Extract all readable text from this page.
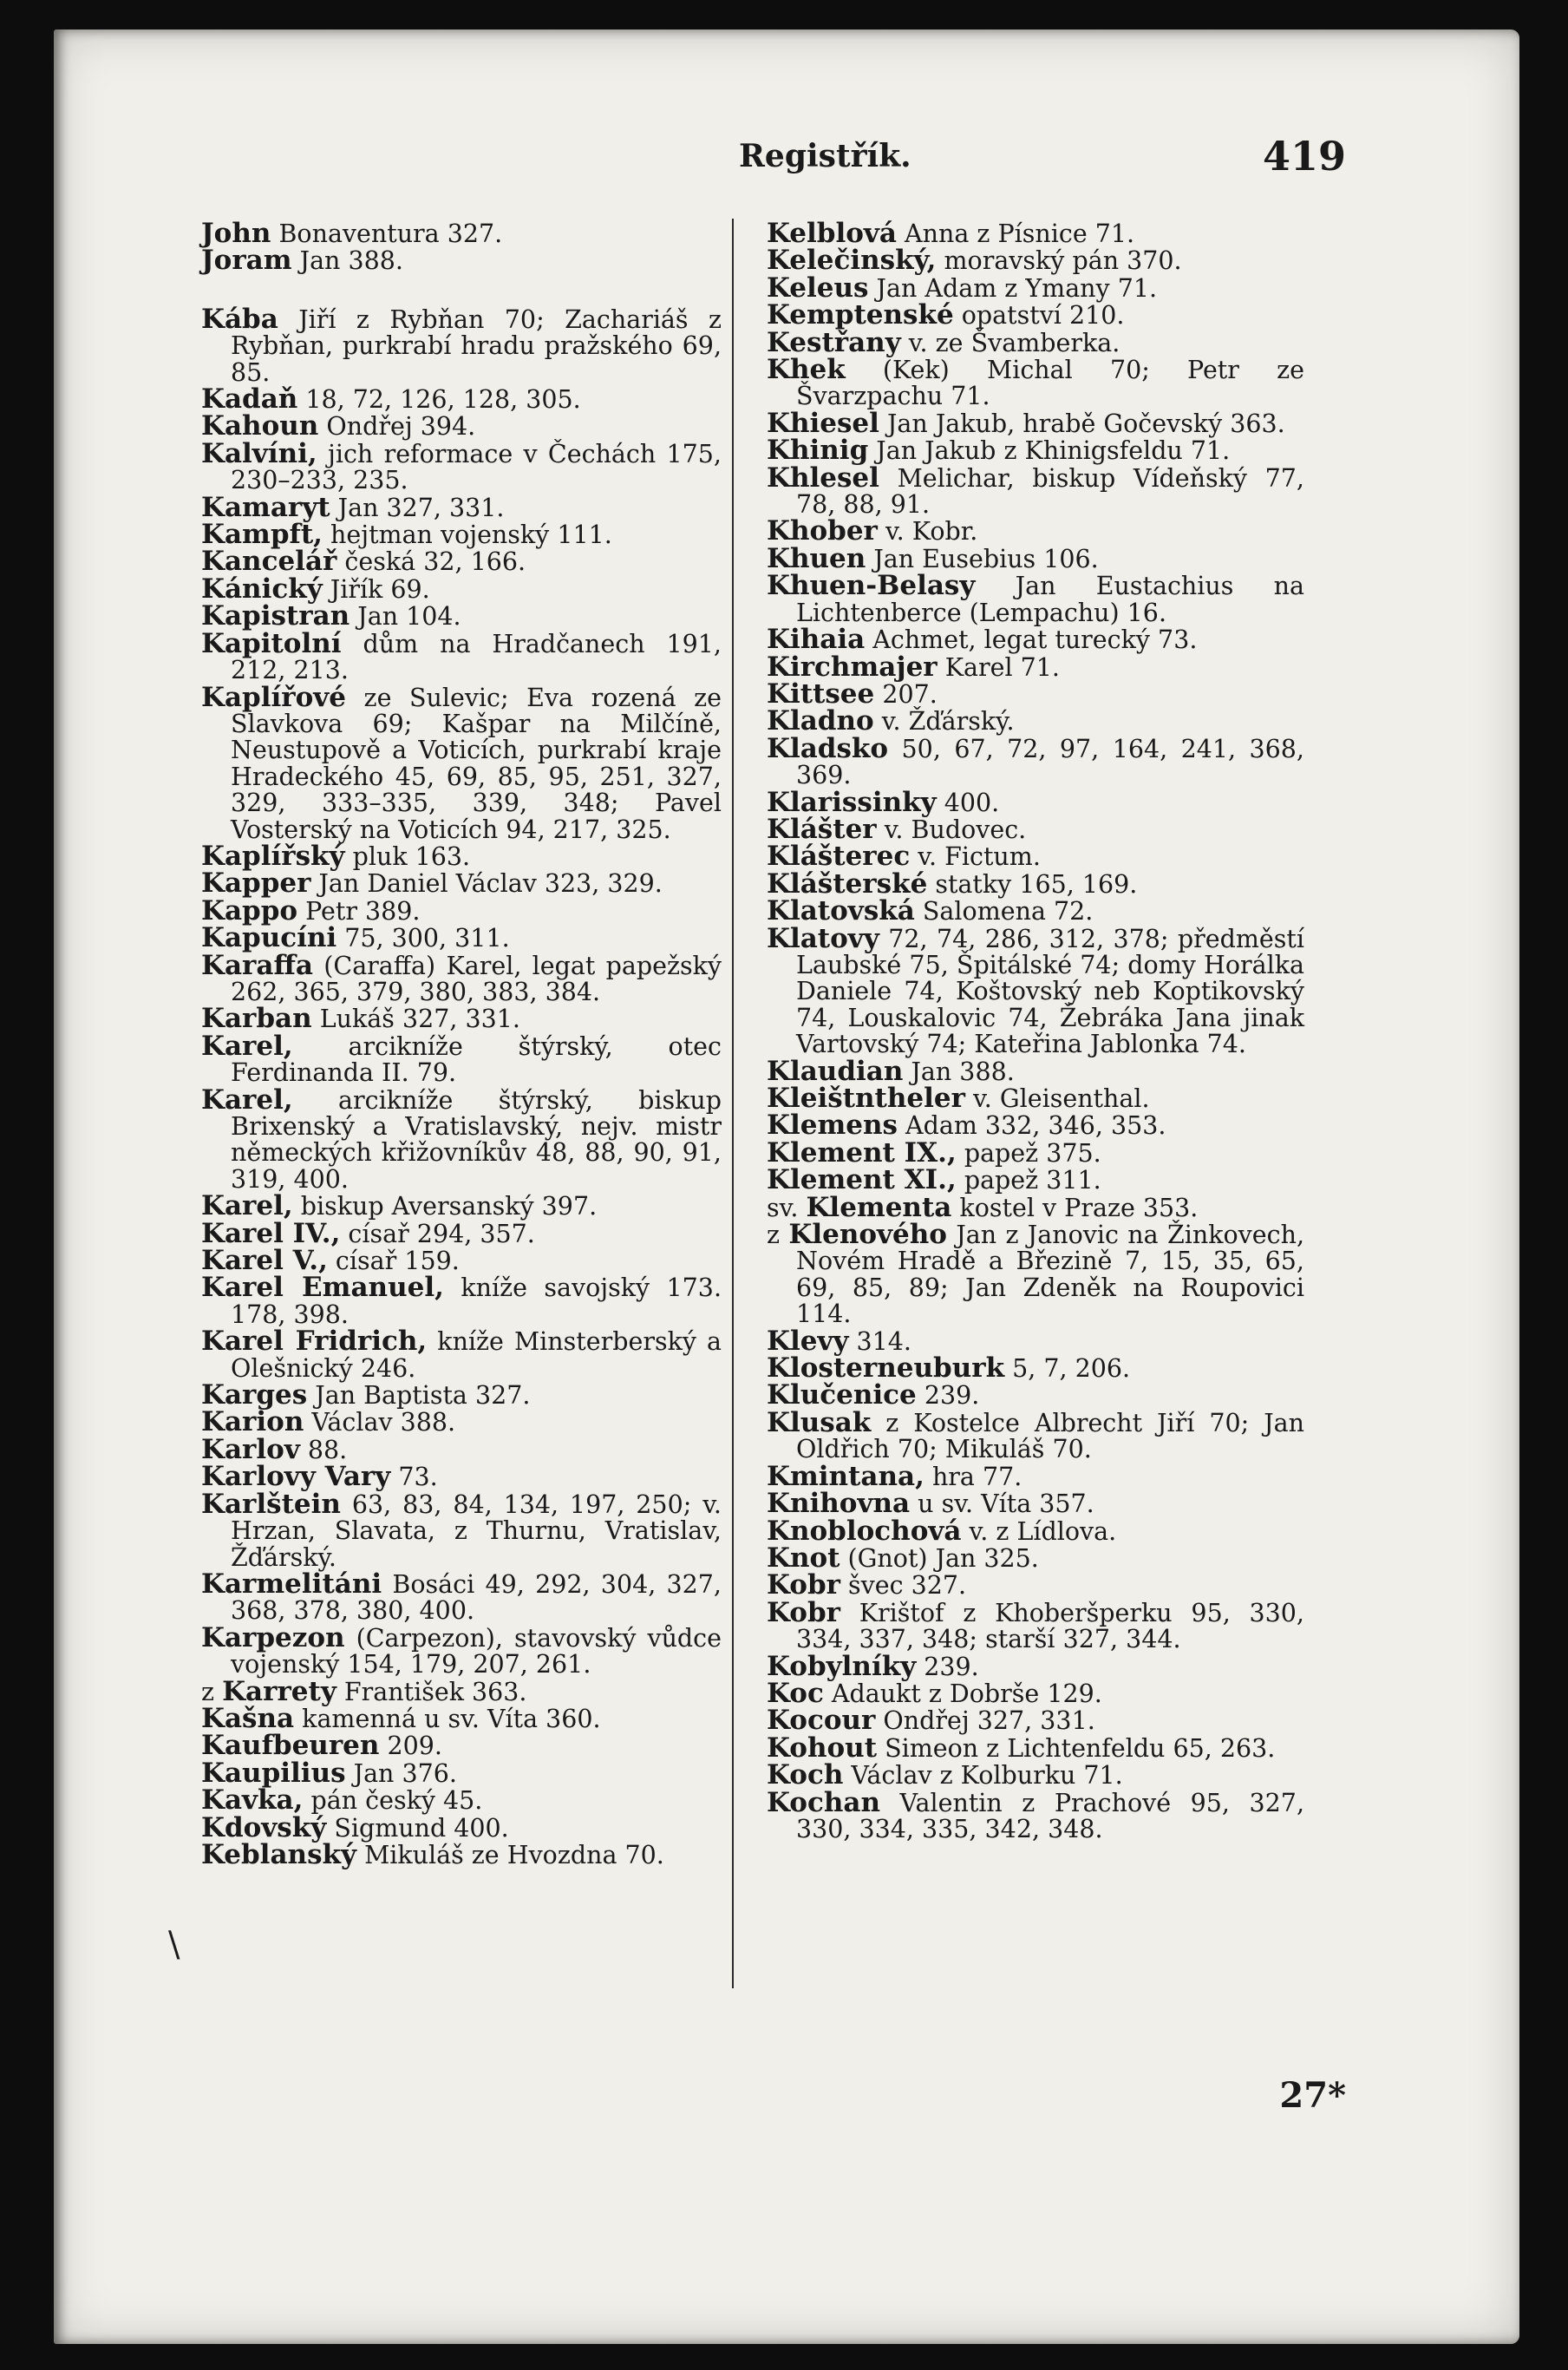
Registřík.	419
John Bonaventura 327.
Joram Jan 388.
Kába Jiří z Rybňan 70; Zachariáš z Rybňan, purkrabí hradu pražského 69, 85.
Kadaň 18, 72, 126, 128, 305.
Kahoun Ondřej 394.
Kalvíni, jich reformace v Čechách 175, 230–233, 235.
Kamaryt Jan 327, 331.
Kampft, hejtman vojenský 111.
Kancelář česká 32, 166.
Kánický Jiřík 69.
Kapistran Jan 104.
Kapitolní dům na Hradčanech 191, 212, 213.
Kaplířové ze Sulevic; Eva rozená ze Slavkova 69; Kašpar na Milčíně, Neustupově a Voticích, purkrabí kraje Hradeckého 45, 69, 85, 95, 251, 327, 329, 333–335, 339, 348; Pavel Vosterský na Voticích 94, 217, 325.
Kaplířský pluk 163.
Kapper Jan Daniel Václav 323, 329.
Kappo Petr 389.
Kapucíni 75, 300, 311.
Karaffa (Caraffa) Karel, legat papežský 262, 365, 379, 380, 383, 384.
Karban Lukáš 327, 331.
Karel, arcikníže štýrský, otec Ferdinanda II. 79.
Karel, arcikníže štýrský, biskup Brixenský a Vratislavský, nejv. mistr německých křižovníkův 48, 88, 90, 91, 319, 400.
Karel, biskup Aversanský 397.
Karel IV., císař 294, 357.
Karel V., císař 159.
Karel Emanuel, kníže savojský 173. 178, 398.
Karel Fridrich, kníže Minsterberský a Olešnický 246.
Karges Jan Baptista 327.
Karion Václav 388.
Karlov 88.
Karlovy Vary 73.
Karlštein 63, 83, 84, 134, 197, 250; v. Hrzan, Slavata, z Thurnu, Vratislav, Žďárský.
Karmelitáni Bosáci 49, 292, 304, 327, 368, 378, 380, 400.
Karpezon (Carpezon), stavovský vůdce vojenský 154, 179, 207, 261.
z Karrety František 363.
Kašna kamenná u sv. Víta 360.
Kaufbeuren 209.
Kaupilius Jan 376.
Kavka, pán český 45.
Kdovský Sigmund 400.
Keblanský Mikuláš ze Hvozdna 70.
Kelblová Anna z Písnice 71.
Kelečinský, moravský pán 370.
Keleus Jan Adam z Ymany 71.
Kemptenské opatství 210.
Kestřany v. ze Švamberka.
Khek (Kek) Michal 70; Petr ze Švarzpachu 71.
Khiesel Jan Jakub, hrabě Gočevský 363.
Khinig Jan Jakub z Khinigsfeldu 71.
Khlesel Melichar, biskup Vídeňský 77, 78, 88, 91.
Khober v. Kobr.
Khuen Jan Eusebius 106.
Khuen-Belasy Jan Eustachius na Lichtenberce (Lempachu) 16.
Kihaia Achmet, legat turecký 73.
Kirchmajer Karel 71.
Kittsee 207.
Kladno v. Žďárský.
Kladsko 50, 67, 72, 97, 164, 241, 368, 369.
Klarissinky 400.
Klášter v. Budovec.
Klášterec v. Fictum.
Klášterské statky 165, 169.
Klatovská Salomena 72.
Klatovy 72, 74, 286, 312, 378; předměstí Laubské 75, Špitálské 74; domy Horálka Daniele 74, Koštovský neb Koptikovský 74, Louskalovic 74, Žebráka Jana jinak Vartovský 74; Kateřina Jablonka 74.
Klaudian Jan 388.
Kleištntheler v. Gleisenthal.
Klemens Adam 332, 346, 353.
Klement IX., papež 375.
Klement XI., papež 311.
sv. Klementa kostel v Praze 353.
z Klenového Jan z Janovic na Žinkovech, Novém Hradě a Březině 7, 15, 35, 65, 69, 85, 89; Jan Zdeněk na Roupovici 114.
Klevy 314.
Klosterneuburk 5, 7, 206.
Klučenice 239.
Klusak z Kostelce Albrecht Jiří 70; Jan Oldřich 70; Mikuláš 70.
Kmintana, hra 77.
Knihovna u sv. Víta 357.
Knoblochová v. z Lídlova.
Knot (Gnot) Jan 325.
Kobr švec 327.
Kobr Krištof z Khoberšperku 95, 330, 334, 337, 348; starší 327, 344.
Kobylníky 239.
Koc Adaukt z Dobrše 129.
Kocour Ondřej 327, 331.
Kohout Simeon z Lichtenfeldu 65, 263.
Koch Václav z Kolburku 71.
Kochan Valentin z Prachové 95, 327, 330, 334, 335, 342, 348.
\
27*
